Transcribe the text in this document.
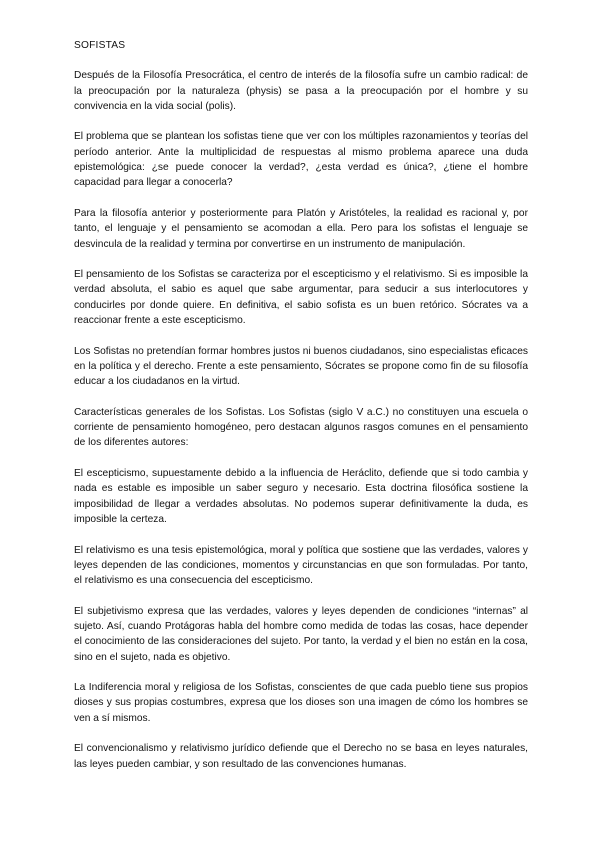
SOFISTAS

Después de la Filosofía Presocrática, el centro de interés de la filosofía sufre un cambio radical: de la preocupación por la naturaleza (physis) se pasa a la preocupación por el hombre y su convivencia en la vida social (polis).

El problema que se plantean los sofistas tiene que ver con los múltiples razonamientos y teorías del período anterior. Ante la multiplicidad de respuestas al mismo problema aparece una duda epistemológica: ¿se puede conocer la verdad?, ¿esta verdad es única?, ¿tiene el hombre capacidad para llegar a conocerla?

Para la filosofía anterior y posteriormente para Platón y Aristóteles, la realidad es racional y, por tanto, el lenguaje y el pensamiento se acomodan a ella. Pero para los sofistas el lenguaje se desvincula de la realidad y termina por convertirse en un instrumento de manipulación.

El pensamiento de los Sofistas se caracteriza por el escepticismo y el relativismo. Si es imposible la verdad absoluta, el sabio es aquel que sabe argumentar, para seducir a sus interlocutores y conducirles por donde quiere. En definitiva, el sabio sofista es un buen retórico. Sócrates va a reaccionar frente a este escepticismo.

Los Sofistas no pretendían formar hombres justos ni buenos ciudadanos, sino especialistas eficaces en la política y el derecho. Frente a este pensamiento, Sócrates se propone como fin de su filosofía educar a los ciudadanos en la virtud.

Características generales de los Sofistas. Los Sofistas (siglo V a.C.) no constituyen una escuela o corriente de pensamiento homogéneo, pero destacan algunos rasgos comunes en el pensamiento de los diferentes autores:

El escepticismo, supuestamente debido a la influencia de Heráclito, defiende que si todo cambia y nada es estable es imposible un saber seguro y necesario. Esta doctrina filosófica sostiene la imposibilidad de llegar a verdades absolutas. No podemos superar definitivamente la duda, es imposible la certeza.

El relativismo es una tesis epistemológica, moral y política que sostiene que las verdades, valores y leyes dependen de las condiciones, momentos y circunstancias en que son formuladas. Por tanto, el relativismo es una consecuencia del escepticismo.

El subjetivismo expresa que las verdades, valores y leyes dependen de condiciones “internas” al sujeto. Así, cuando Protágoras habla del hombre como medida de todas las cosas, hace depender el conocimiento de las consideraciones del sujeto. Por tanto, la verdad y el bien no están en la cosa, sino en el sujeto, nada es objetivo.

La Indiferencia moral y religiosa de los Sofistas, conscientes de que cada pueblo tiene sus propios dioses y sus propias costumbres, expresa que los dioses son una imagen de cómo los hombres se ven a sí mismos.

El convencionalismo y relativismo jurídico defiende que el Derecho no se basa en leyes naturales, las leyes pueden cambiar, y son resultado de las convenciones humanas.
